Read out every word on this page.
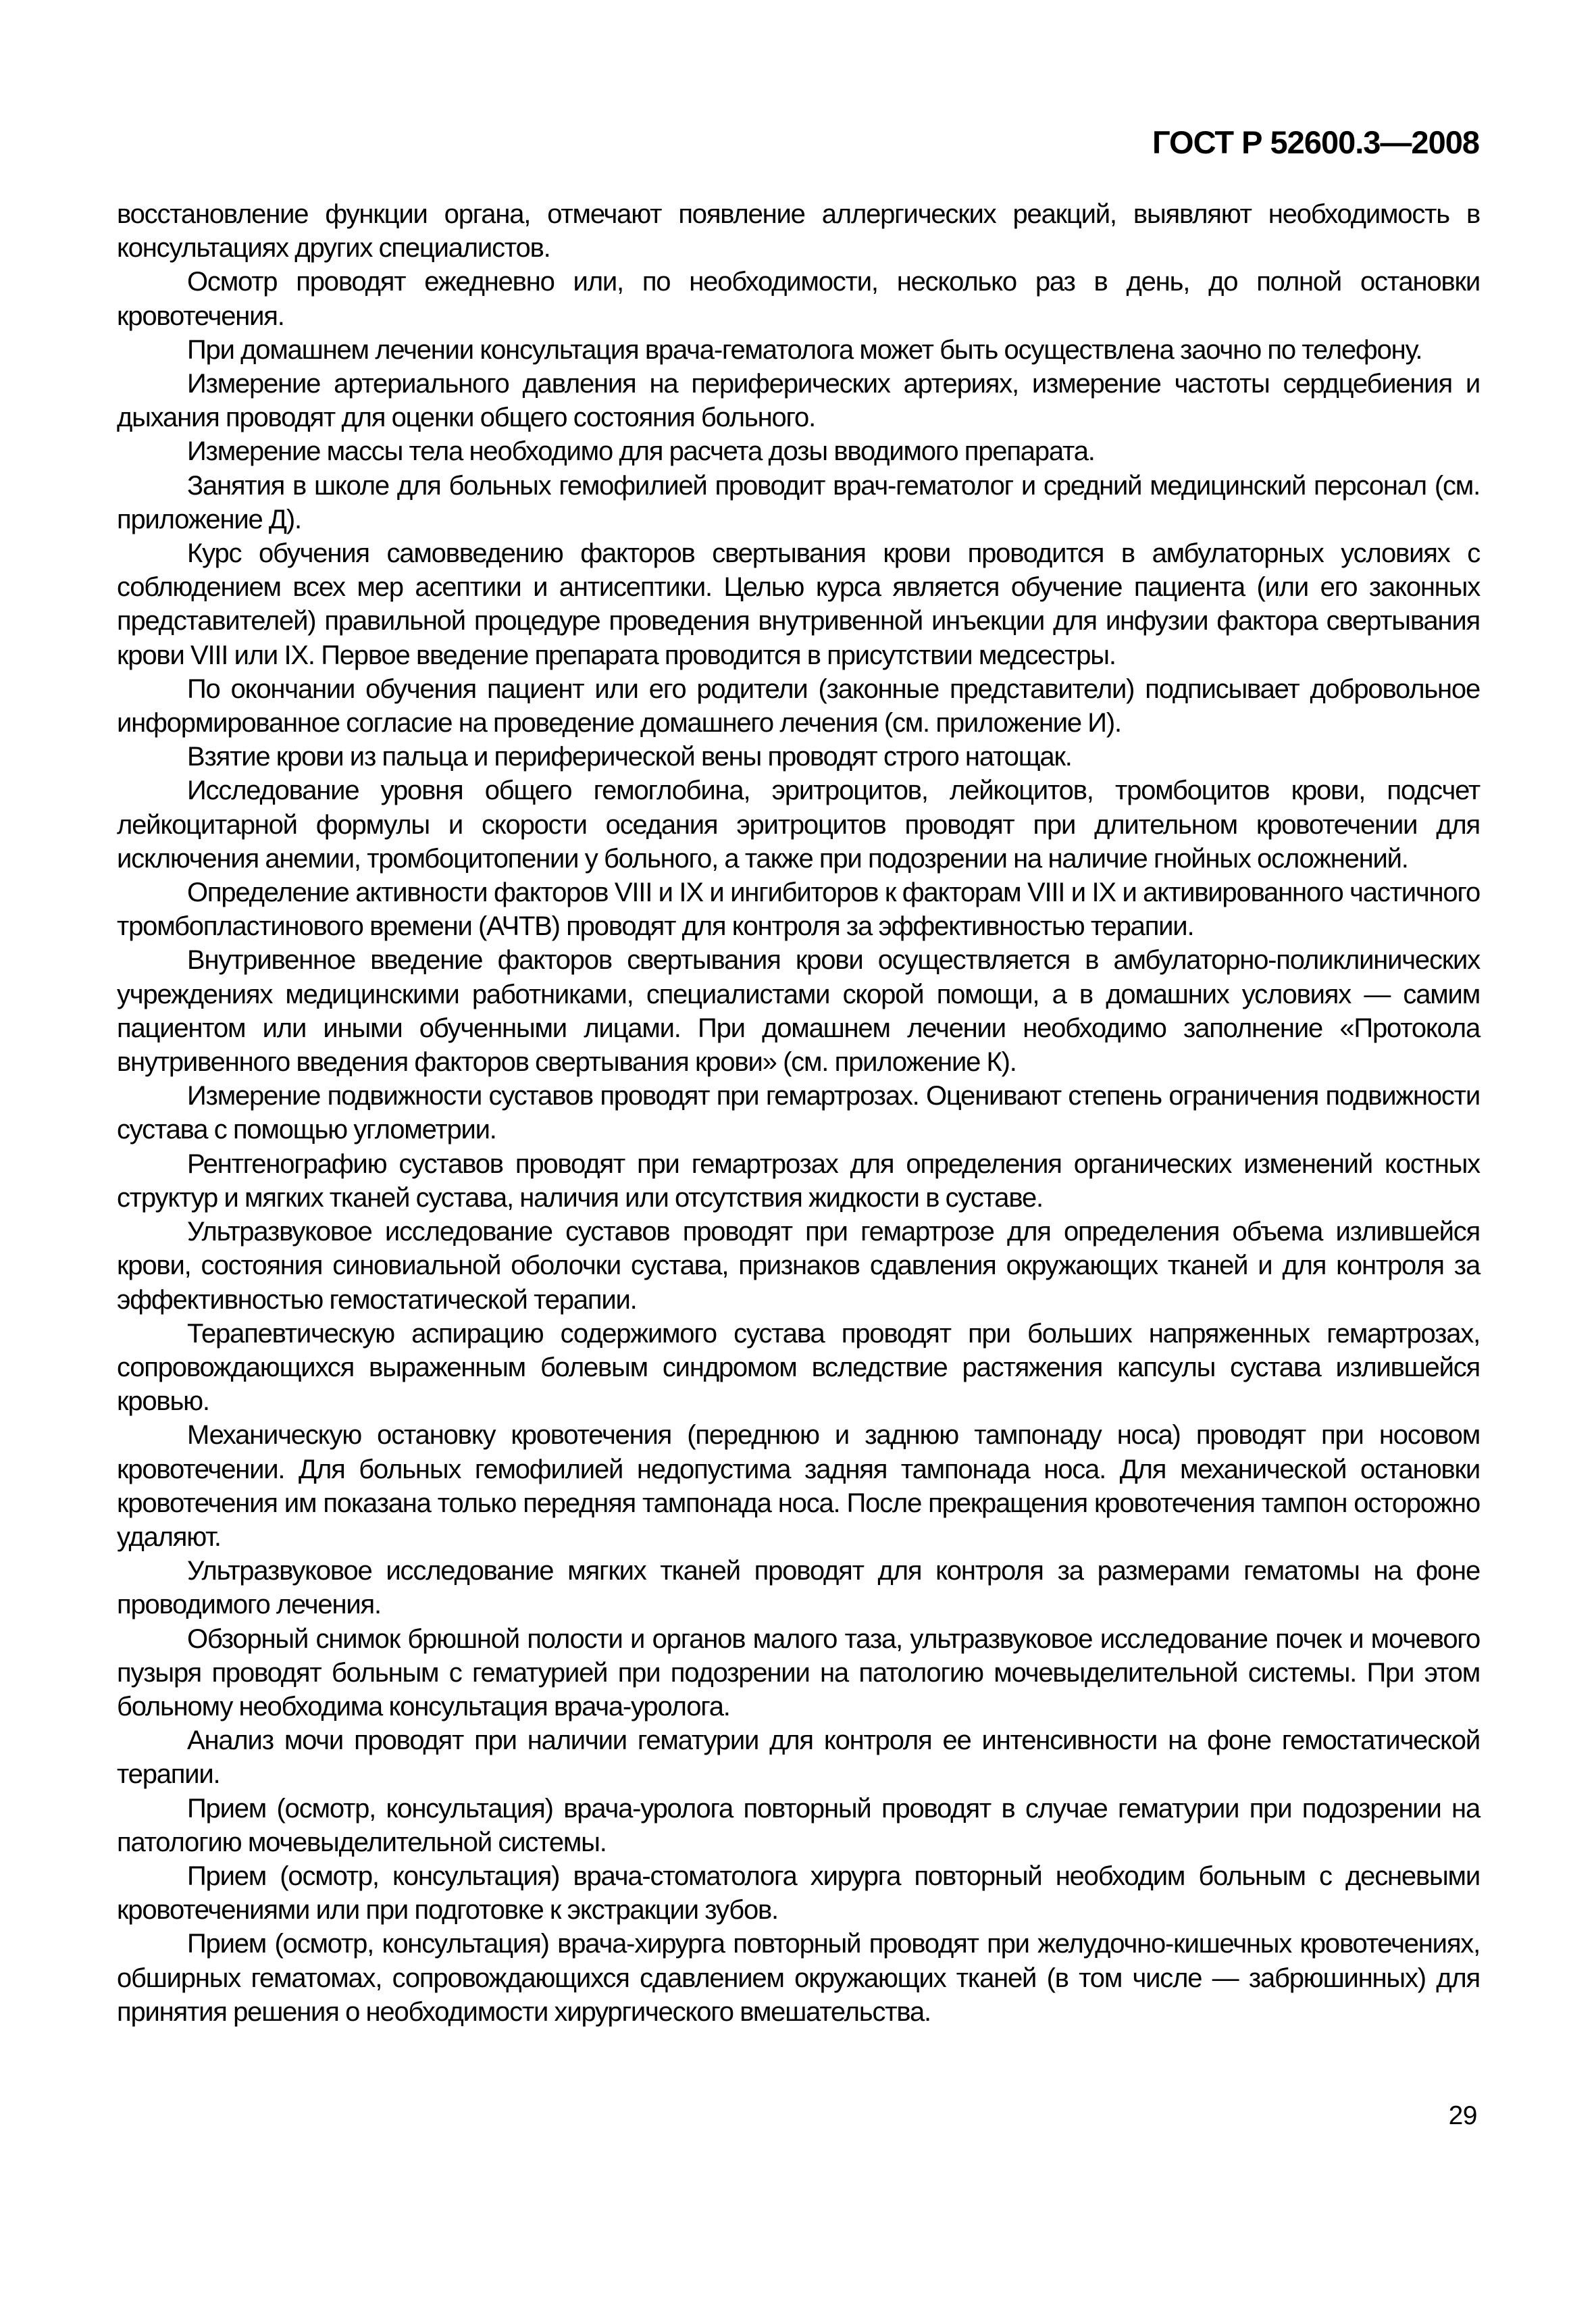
ГОСТ Р 52600.3—2008

восстановление функции органа, отмечают появление аллергических реакций, выявляют необходимость в консультациях других специалистов.

Осмотр проводят ежедневно или, по необходимости, несколько раз в день, до полной остановки кровотечения.

При домашнем лечении консультация врача-гематолога может быть осуществлена заочно по телефону.

Измерение артериального давления на периферических артериях, измерение частоты сердцебиения и дыхания проводят для оценки общего состояния больного.

Измерение массы тела необходимо для расчета дозы вводимого препарата.

Занятия в школе для больных гемофилией проводит врач-гематолог и средний медицинский персонал (см. приложение Д).

Курс обучения самовведению факторов свертывания крови проводится в амбулаторных условиях с соблюдением всех мер асептики и антисептики. Целью курса является обучение пациента (или его законных представителей) правильной процедуре проведения внутривенной инъекции для инфузии фактора свертывания крови VIII или IX. Первое введение препарата проводится в присутствии медсестры.

По окончании обучения пациент или его родители (законные представители) подписывает добровольное информированное согласие на проведение домашнего лечения (см. приложение И).

Взятие крови из пальца и периферической вены проводят строго натощак.

Исследование уровня общего гемоглобина, эритроцитов, лейкоцитов, тромбоцитов крови, подсчет лейкоцитарной формулы и скорости оседания эритроцитов проводят при длительном кровотечении для исключения анемии, тромбоцитопении у больного, а также при подозрении на наличие гнойных осложнений.

Определение активности факторов VIII и IX и ингибиторов к факторам VIII и IX и активированного частичного тромбопластинового времени (АЧТВ) проводят для контроля за эффективностью терапии.

Внутривенное введение факторов свертывания крови осуществляется в амбулаторно-поликлинических учреждениях медицинскими работниками, специалистами скорой помощи, а в домашних условиях — самим пациентом или иными обученными лицами. При домашнем лечении необходимо заполнение «Протокола внутривенного введения факторов свертывания крови» (см. приложение К).

Измерение подвижности суставов проводят при гемартрозах. Оценивают степень ограничения подвижности сустава с помощью углометрии.

Рентгенографию суставов проводят при гемартрозах для определения органических изменений костных структур и мягких тканей сустава, наличия или отсутствия жидкости в суставе.

Ультразвуковое исследование суставов проводят при гемартрозе для определения объема излившейся крови, состояния синовиальной оболочки сустава, признаков сдавления окружающих тканей и для контроля за эффективностью гемостатической терапии.

Терапевтическую аспирацию содержимого сустава проводят при больших напряженных гемартрозах, сопровождающихся выраженным болевым синдромом вследствие растяжения капсулы сустава излившейся кровью.

Механическую остановку кровотечения (переднюю и заднюю тампонаду носа) проводят при носовом кровотечении. Для больных гемофилией недопустима задняя тампонада носа. Для механической остановки кровотечения им показана только передняя тампонада носа. После прекращения кровотечения тампон осторожно удаляют.

Ультразвуковое исследование мягких тканей проводят для контроля за размерами гематомы на фоне проводимого лечения.

Обзорный снимок брюшной полости и органов малого таза, ультразвуковое исследование почек и мочевого пузыря проводят больным с гематурией при подозрении на патологию мочевыделительной системы. При этом больному необходима консультация врача-уролога.

Анализ мочи проводят при наличии гематурии для контроля ее интенсивности на фоне гемостатической терапии.

Прием (осмотр, консультация) врача-уролога повторный проводят в случае гематурии при подозрении на патологию мочевыделительной системы.

Прием (осмотр, консультация) врача-стоматолога хирурга повторный необходим больным с десневыми кровотечениями или при подготовке к экстракции зубов.

Прием (осмотр, консультация) врача-хирурга повторный проводят при желудочно-кишечных кровотечениях, обширных гематомах, сопровождающихся сдавлением окружающих тканей (в том числе — забрюшинных) для принятия решения о необходимости хирургического вмешательства.

29
